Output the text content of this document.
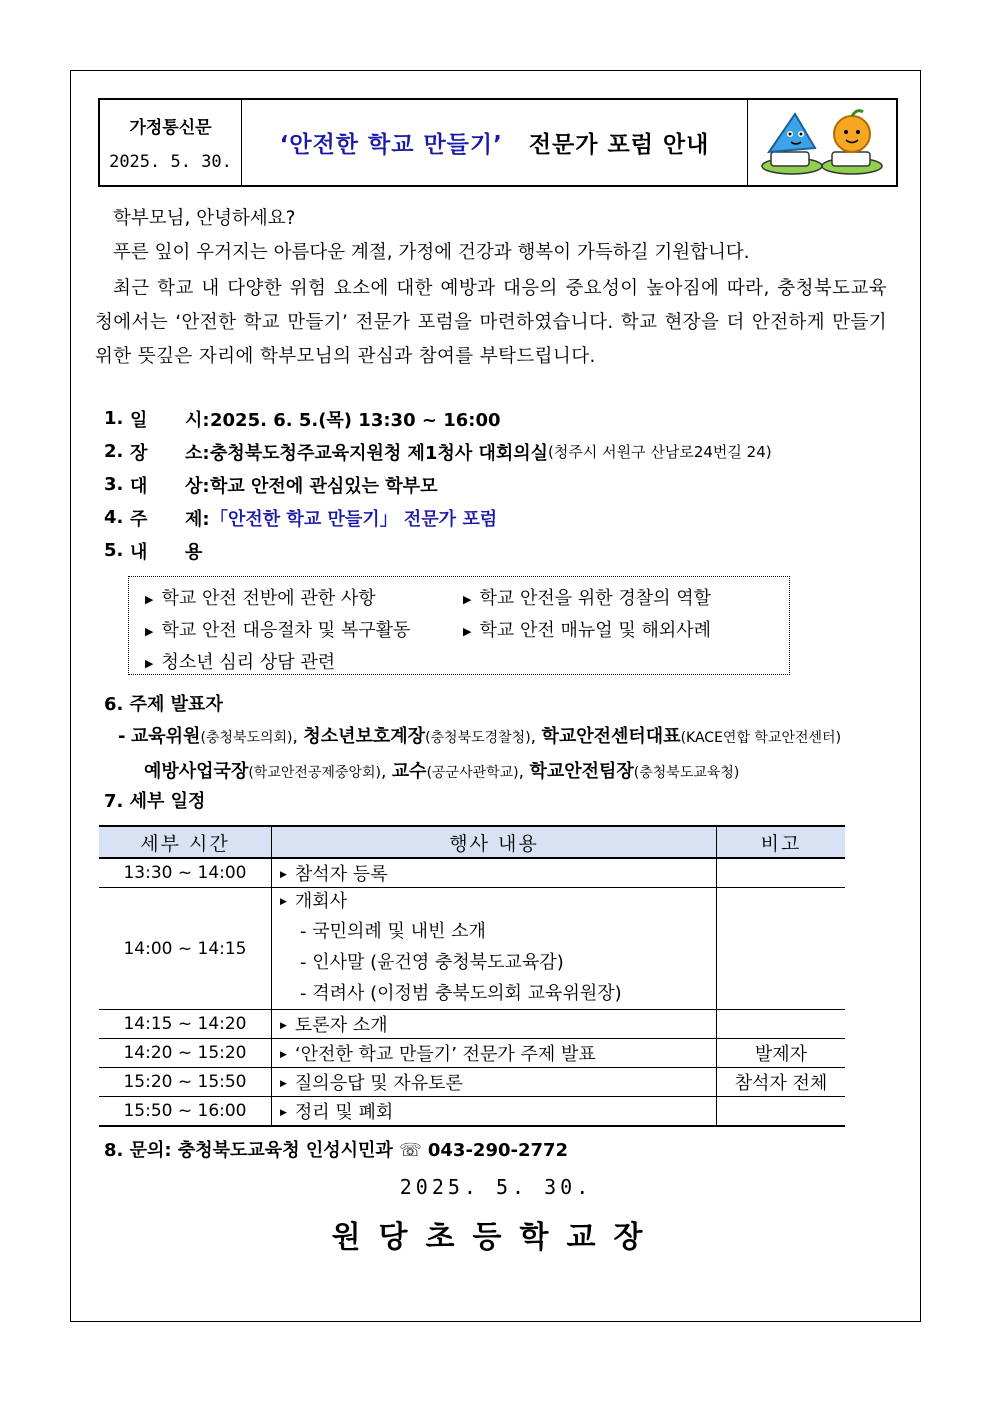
가정통신문
2025. 5. 30.
‘안전한 학교 만들기’ 전문가 포럼 안내
학부모님, 안녕하세요?
푸른 잎이 우거지는 아름다운 계절, 가정에 건강과 행복이 가득하길 기원합니다.
최근 학교 내 다양한 위험 요소에 대한 예방과 대응의 중요성이 높아짐에 따라, 충청북도교육청에서는 ‘안전한 학교 만들기’ 전문가 포럼을 마련하였습니다. 학교 현장을 더 안전하게 만들기 위한 뜻깊은 자리에 학부모님의 관심과 참여를 부탁드립니다.
1. 일      시: 2025. 6. 5.(목) 13:30 ~ 16:00
2. 장      소: 충청북도청주교육지원청 제1청사 대회의실 (청주시 서원구 산남로24번길 24)
3. 대      상: 학교 안전에 관심있는 학부모
4. 주      제: 「안전한 학교 만들기」 전문가 포럼
5. 내      용
▶ 학교 안전 전반에 관한 사항	▶ 학교 안전을 위한 경찰의 역할
▶ 학교 안전 대응절차 및 복구활동	▶ 학교 안전 매뉴얼 및 해외사례
▶ 청소년 심리 상담 관련
6. 주제 발표자
- 교육위원(충청북도의회), 청소년보호계장(충청북도경찰청), 학교안전센터대표(KACE연합 학교안전센터)
예방사업국장(학교안전공제중앙회), 교수(공군사관학교), 학교안전팀장(충청북도교육청)
7. 세부 일정
세부 시간	행사 내용	비고
13:30 ~ 14:00	▶ 참석자 등록	
14:00 ~ 14:15	▶ 개회사
- 국민의례 및 내빈 소개
- 인사말 (윤건영 충청북도교육감)
- 격려사 (이정범 충북도의회 교육위원장)	

14:15 ~ 14:20	▶ 토론자 소개	
14:20 ~ 15:20	▶ ‘안전한 학교 만들기’ 전문가 주제 발표	발제자
15:20 ~ 15:50	▶ 질의응답 및 자유토론	참석자 전체
15:50 ~ 16:00	▶ 정리 및 폐회	
8. 문의: 충청북도교육청 인성시민과 ☏ 043-290-2772
2025. 5. 30.
원당초등학교장
